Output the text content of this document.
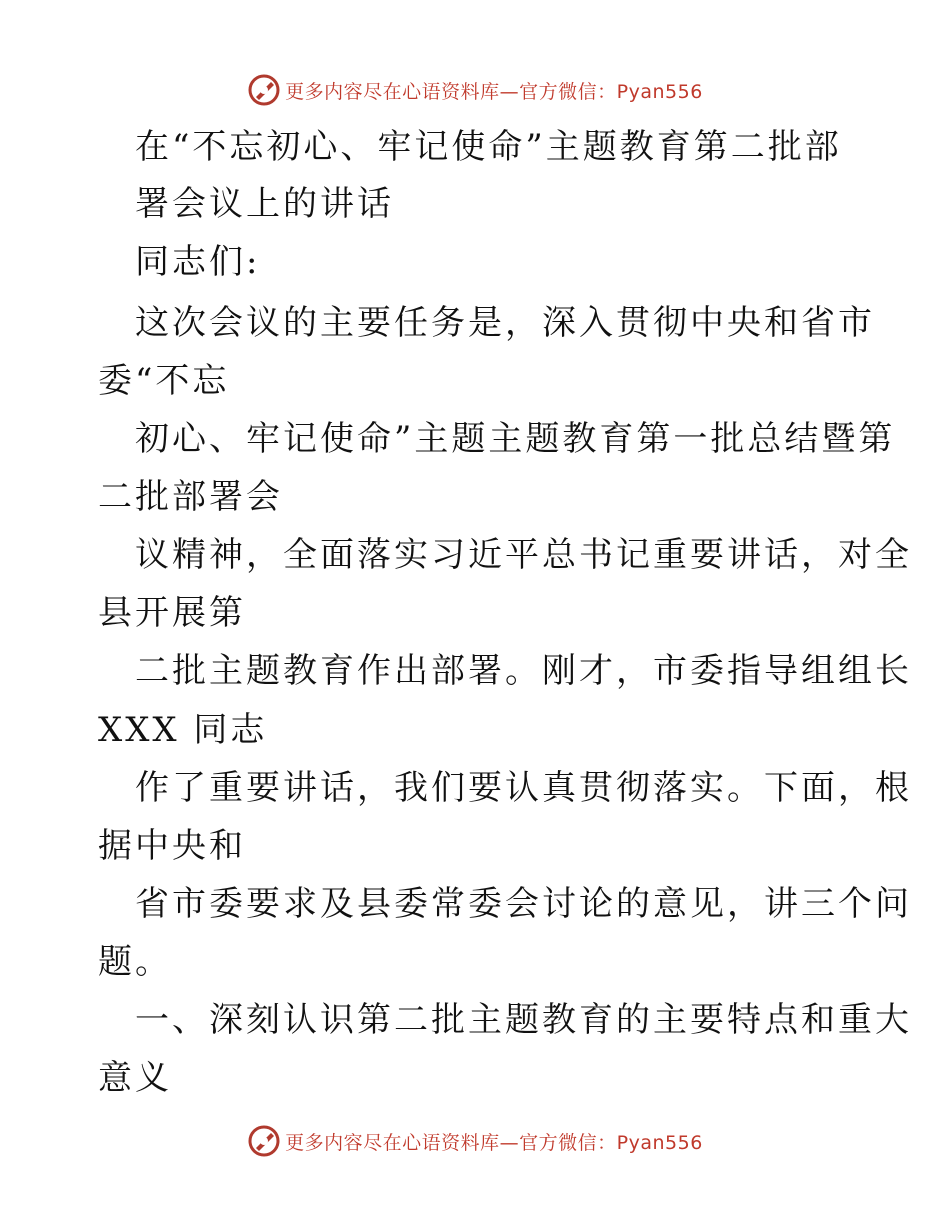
更多内容尽在心语资料库—官方微信：Pyan556
在“不忘初心、牢记使命”主题教育第二批部
署会议上的讲话
同志们:
这次会议的主要任务是，深入贯彻中央和省市
委“不忘
初心、牢记使命”主题主题教育第一批总结暨第
二批部署会
议精神，全面落实习近平总书记重要讲话，对全
县开展第
二批主题教育作出部署。刚才，市委指导组组长
XXX 同志
作了重要讲话，我们要认真贯彻落实。下面，根
据中央和
省市委要求及县委常委会讨论的意见，讲三个问
题。
一、深刻认识第二批主题教育的主要特点和重大
意义
更多内容尽在心语资料库—官方微信：Pyan556
